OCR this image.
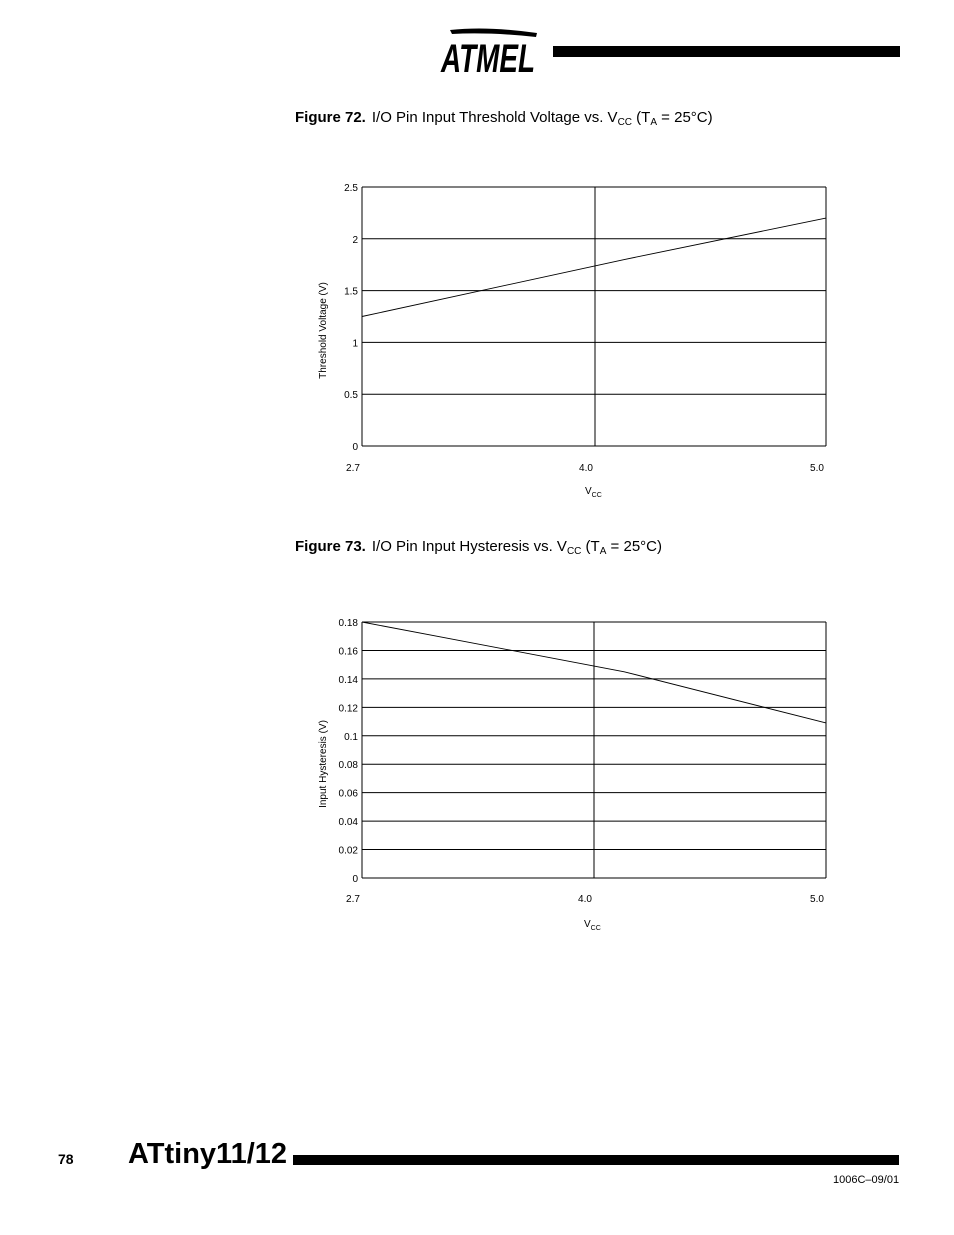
ATMEL
Figure 72. I/O Pin Input Threshold Voltage vs. $V_{CC}$ $(T_A = 25^\circ C)$
0
0.5
1
1.5
2
2.5
2.7	4.0	5.0
$V_{CC}$
Threshold Voltage (V)
Figure 73. I/O Pin Input Hysteresis vs. $V_{CC}$ $(T_A = 25^\circ C)$
0
0.02
0.04
0.06
0.08
0.1
0.12
0.14
0.16
0.18
2.7	4.0	5.0
$V_{CC}$
Input Hysteresis (V)
78 ATtiny11/12
1006C–09/01
